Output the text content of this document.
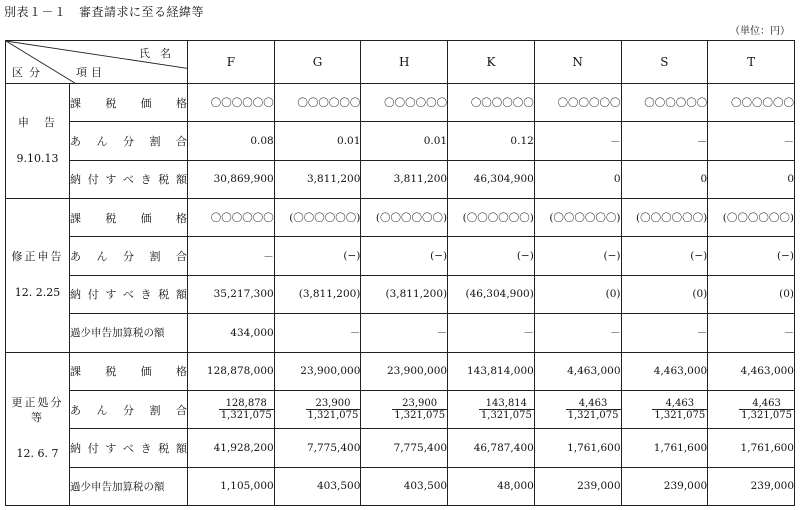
別表１－１　審査請求に至る経緯等
（単位：円）
氏名
項目
区分		F	G	H	K	N	S	T

申　告
9.10.13	課税価格	〇〇〇〇〇〇	〇〇〇〇〇〇	〇〇〇〇〇〇	〇〇〇〇〇〇	〇〇〇〇〇〇	〇〇〇〇〇〇	〇〇〇〇〇〇

	あん分割合	0.08	0.01	0.01	0.12	－	－	－

	納付すべき税額	30,869,900	3,811,200	3,811,200	46,304,900	0	0	0

修正申告
12. 2.25	課税価格	〇〇〇〇〇〇	(〇〇〇〇〇〇)	(〇〇〇〇〇〇)	(〇〇〇〇〇〇)	(〇〇〇〇〇〇)	(〇〇〇〇〇〇)	(〇〇〇〇〇〇)

	あん分割合	－	(−)	(−)	(−)	(−)	(−)	(−)

	納付すべき税額	35,217,300	(3,811,200)	(3,811,200)	(46,304,900)	(0)	(0)	(0)

	過少申告加算税の額	434,000	－	－	－	－	－	－

更正処分等
12. 6. 7	課税価格	128,878,000	23,900,000	23,900,000	143,814,000	4,463,000	4,463,000	4,463,000

	あん分割合	$\frac{128,878}{1,321,075}$	$\frac{23,900}{1,321,075}$	$\frac{23,900}{1,321,075}$	$\frac{143,814}{1,321,075}$	$\frac{4,463}{1,321,075}$	$\frac{4,463}{1,321,075}$	$\frac{4,463}{1,321,075}$

	納付すべき税額	41,928,200	7,775,400	7,775,400	46,787,400	1,761,600	1,761,600	1,761,600

	過少申告加算税の額	1,105,000	403,500	403,500	48,000	239,000	239,000	239,000
